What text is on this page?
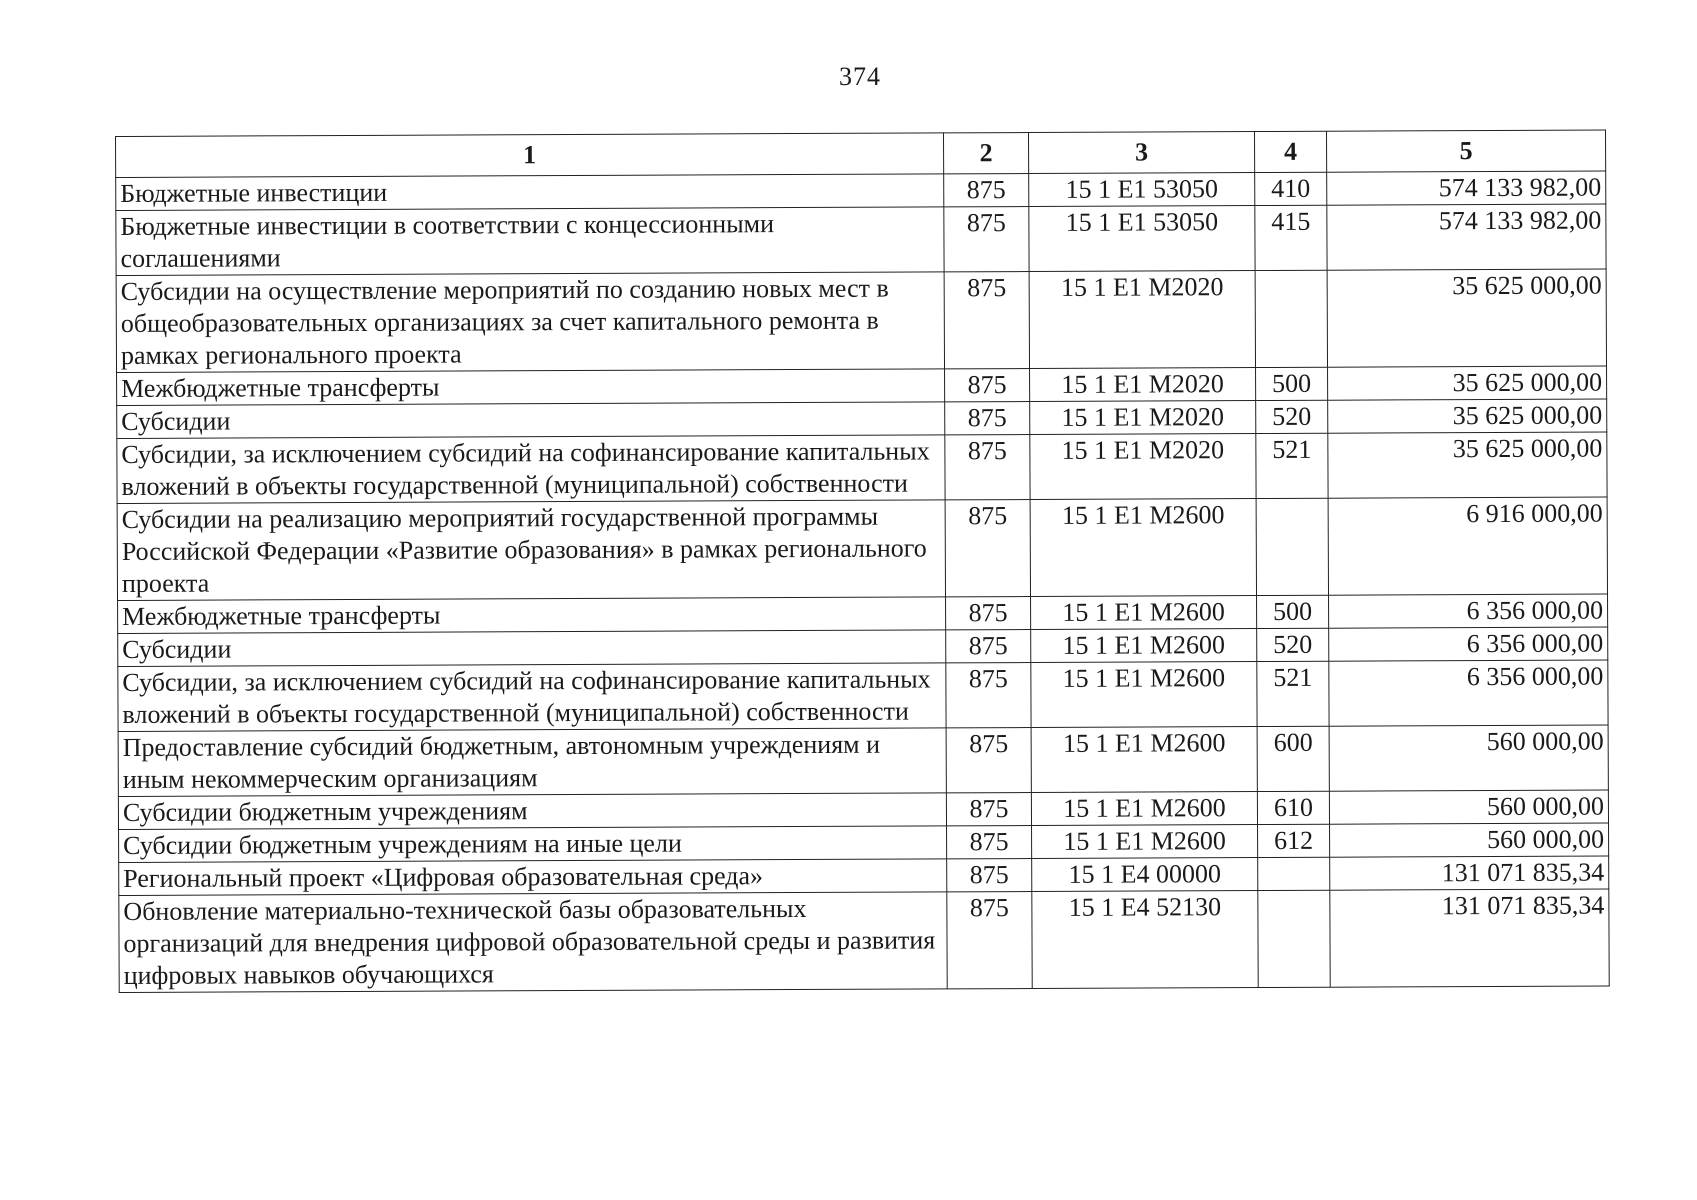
374
1	2	3	4	5
Бюджетные инвестиции	875	15 1 E1 53050	410	574 133 982,00
Бюджетные инвестиции в соответствии с концессионными соглашениями	875	15 1 E1 53050	415	574 133 982,00
Субсидии на осуществление мероприятий по созданию новых мест в общеобразовательных организациях за счет капитального ремонта в рамках регионального проекта	875	15 1 E1 M2020		35 625 000,00
Межбюджетные трансферты	875	15 1 E1 M2020	500	35 625 000,00
Субсидии	875	15 1 E1 M2020	520	35 625 000,00
Субсидии, за исключением субсидий на софинансирование капитальных вложений в объекты государственной (муниципальной) собственности	875	15 1 E1 M2020	521	35 625 000,00
Субсидии на реализацию мероприятий государственной программы Российской Федерации «Развитие образования» в рамках регионального проекта	875	15 1 E1 M2600		6 916 000,00
Межбюджетные трансферты	875	15 1 E1 M2600	500	6 356 000,00
Субсидии	875	15 1 E1 M2600	520	6 356 000,00
Субсидии, за исключением субсидий на софинансирование капитальных вложений в объекты государственной (муниципальной) собственности	875	15 1 E1 M2600	521	6 356 000,00
Предоставление субсидий бюджетным, автономным учреждениям и иным некоммерческим организациям	875	15 1 E1 M2600	600	560 000,00
Субсидии бюджетным учреждениям	875	15 1 E1 M2600	610	560 000,00
Субсидии бюджетным учреждениям на иные цели	875	15 1 E1 M2600	612	560 000,00
Региональный проект «Цифровая образовательная среда»	875	15 1 E4 00000		131 071 835,34
Обновление материально-технической базы образовательных организаций для внедрения цифровой образовательной среды и развития цифровых навыков обучающихся	875	15 1 E4 52130		131 071 835,34
